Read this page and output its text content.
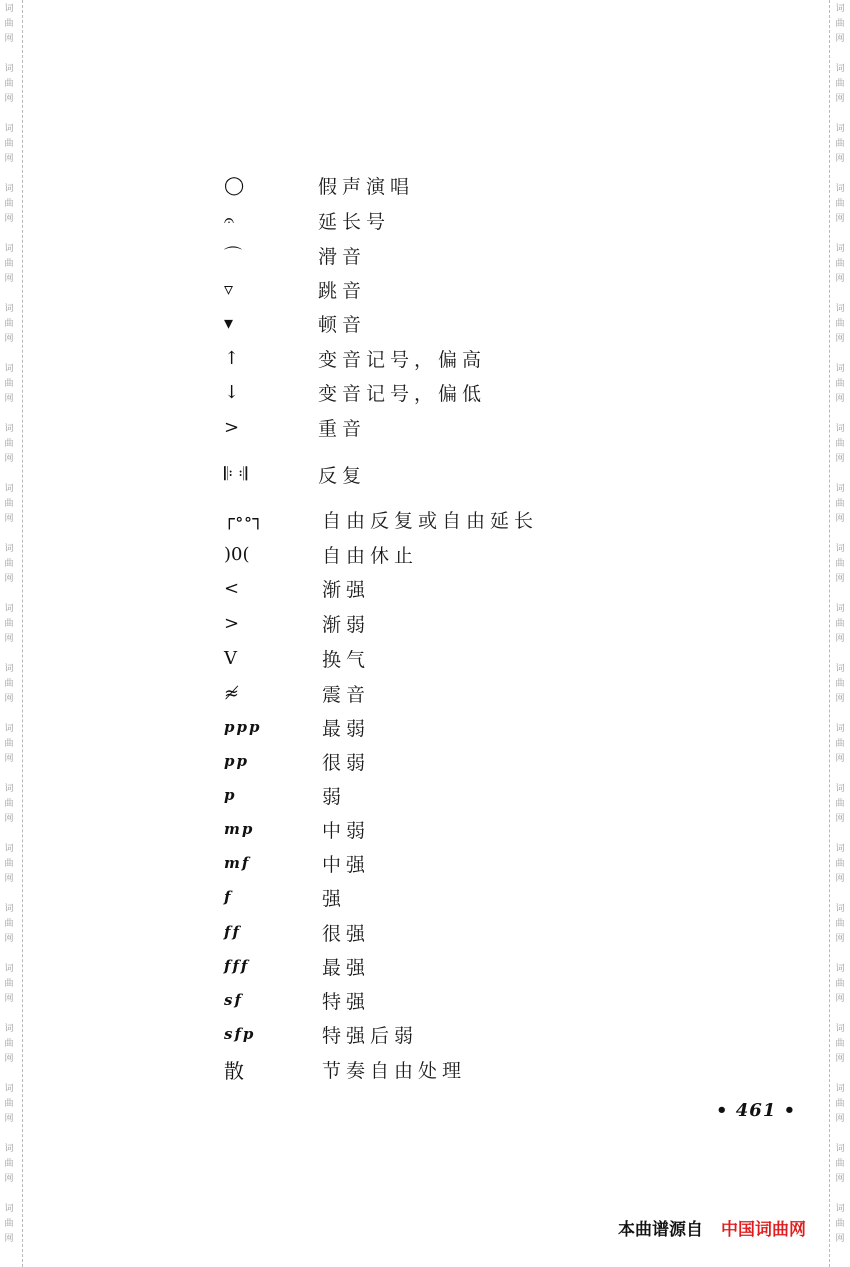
词
曲
网
词
曲
网
词
曲
网
词
曲
网
词
曲
网
词
曲
网
词
曲
网
词
曲
网
词
曲
网
词
曲
网
词
曲
网
词
曲
网
词
曲
网
词
曲
网
词
曲
网
词
曲
网
词
曲
网
词
曲
网
词
曲
网
词
曲
网
词
曲
网
词
曲
网
词
曲
网
词
曲
网
词
曲
网
词
曲
网
词
曲
网
词
曲
网
词
曲
网
词
曲
网
词
曲
网
词
曲
网
词
曲
网
词
曲
网
词
曲
网
词
曲
网
词
曲
网
词
曲
网
词
曲
网
词
曲
网
词
曲
网
词
曲
网
◯	假声演唱
𝄐	延长号
⌒	滑音
▿	跳音
▾	顿音
↑	变音记号，偏高
↓	变音记号，偏低
>	重音
𝄆 𝄇	反复
┌∘∘┐	自由反复或自由延长
)0(	自由休止
<	渐强
>	渐弱
V	换气
≉	震音
ppp	最弱
pp	很弱
p	弱
mp	中弱
mf	中强
f	强
ff	很强
fff	最强
sf	特强
sfp	特强后弱
散	节奏自由处理
• 461 •
本曲谱源自 中国词曲网
